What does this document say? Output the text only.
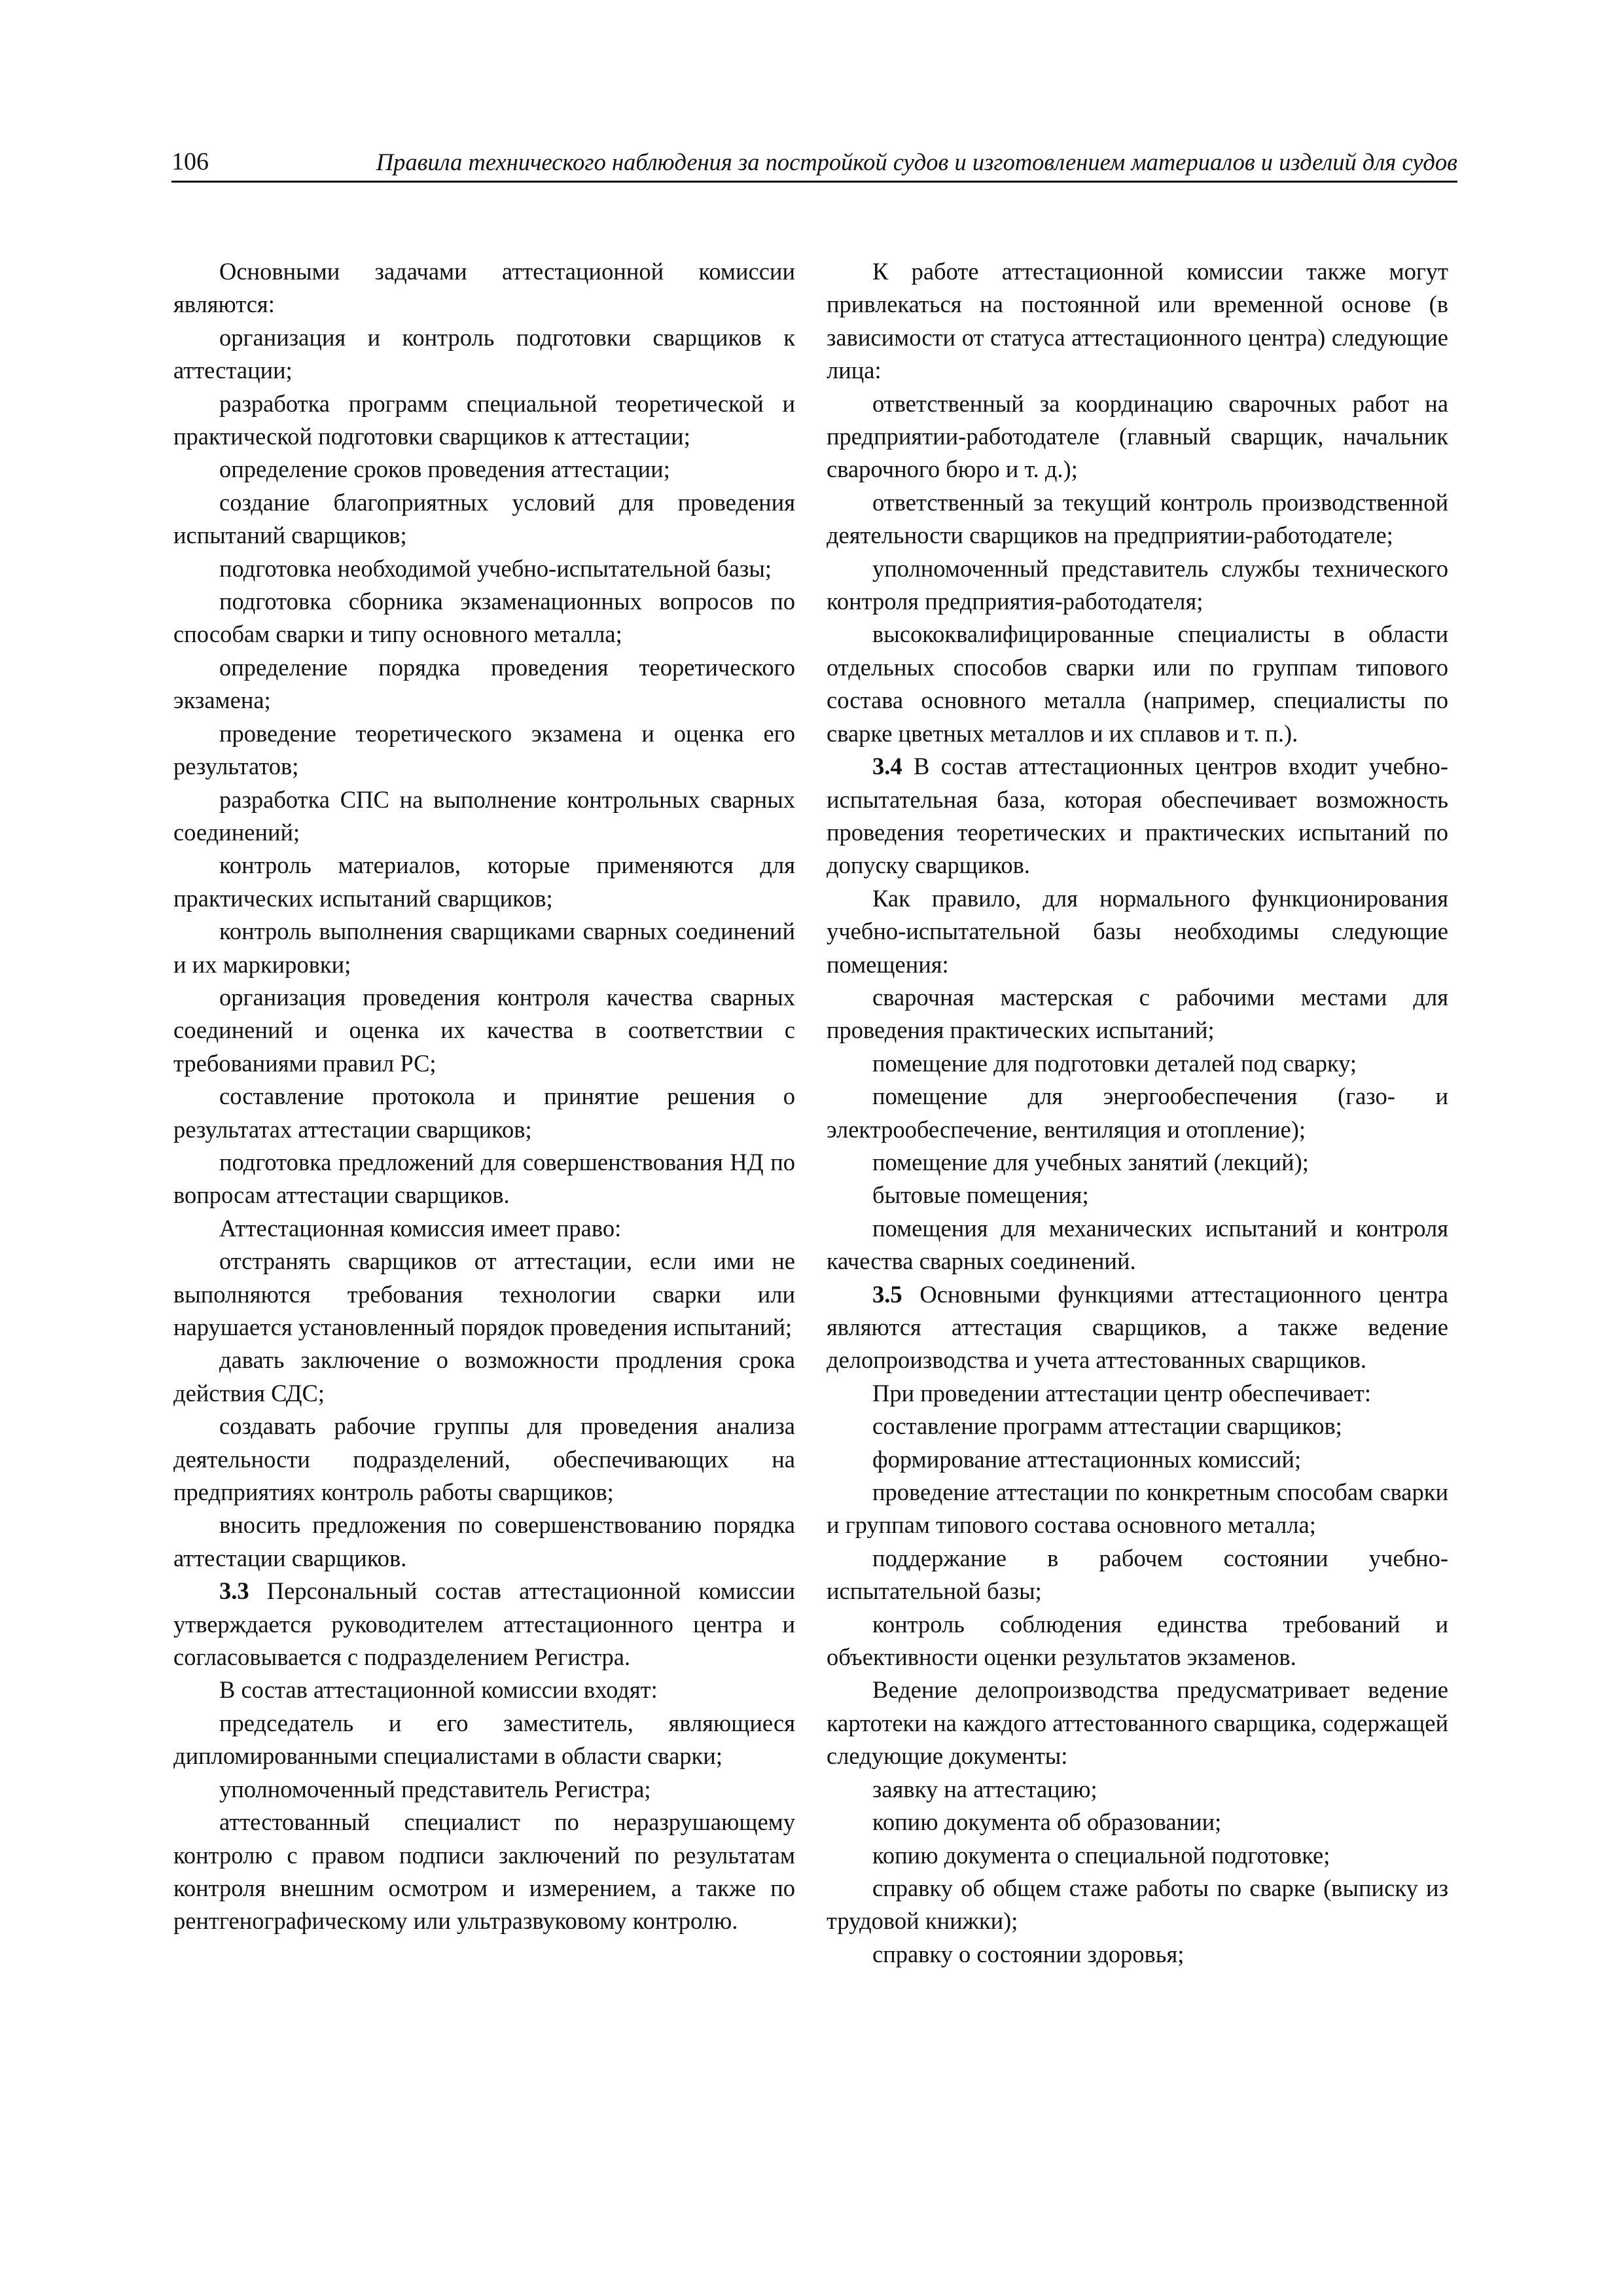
106	Правила технического наблюдения за постройкой судов и изготовлением материалов и изделий для судов

Основными задачами аттестационной комиссии являются:

организация и контроль подготовки сварщиков к аттестации;

разработка программ специальной теоретической и практической подготовки сварщиков к аттестации;

определение сроков проведения аттестации;

создание благоприятных условий для проведения испытаний сварщиков;

подготовка необходимой учебно-испытательной базы;

подготовка сборника экзаменационных вопросов по способам сварки и типу основного металла;

определение порядка проведения теоретического экзамена;

проведение теоретического экзамена и оценка его результатов;

разработка СПС на выполнение контрольных сварных соединений;

контроль материалов, которые применяются для практических испытаний сварщиков;

контроль выполнения сварщиками сварных соединений и их маркировки;

организация проведения контроля качества сварных соединений и оценка их качества в соответствии с требованиями правил РС;

составление протокола и принятие решения о результатах аттестации сварщиков;

подготовка предложений для совершенствования НД по вопросам аттестации сварщиков.

Аттестационная комиссия имеет право:

отстранять сварщиков от аттестации, если ими не выполняются требования технологии сварки или нарушается установленный порядок проведения испытаний;

давать заключение о возможности продления срока действия СДС;

создавать рабочие группы для проведения анализа деятельности подразделений, обеспечивающих на предприятиях контроль работы сварщиков;

вносить предложения по совершенствованию порядка аттестации сварщиков.

3.3 Персональный состав аттестационной комиссии утверждается руководителем аттестационного центра и согласовывается с подразделением Регистра.

В состав аттестационной комиссии входят:

председатель и его заместитель, являющиеся дипломированными специалистами в области сварки;

уполномоченный представитель Регистра;

аттестованный специалист по неразрушающему контролю с правом подписи заключений по результатам контроля внешним осмотром и измерением, а также по рентгенографическому или ультразвуковому контролю.

К работе аттестационной комиссии также могут привлекаться на постоянной или временной основе (в зависимости от статуса аттестационного центра) следующие лица:

ответственный за координацию сварочных работ на предприятии-работодателе (главный сварщик, начальник сварочного бюро и т. д.);

ответственный за текущий контроль производственной деятельности сварщиков на предприятии-работодателе;

уполномоченный представитель службы технического контроля предприятия-работодателя;

высококвалифицированные специалисты в области отдельных способов сварки или по группам типового состава основного металла (например, специалисты по сварке цветных металлов и их сплавов и т. п.).

3.4 В состав аттестационных центров входит учебно-испытательная база, которая обеспечивает возможность проведения теоретических и практических испытаний по допуску сварщиков.

Как правило, для нормального функционирования учебно-испытательной базы необходимы следующие помещения:

сварочная мастерская с рабочими местами для проведения практических испытаний;

помещение для подготовки деталей под сварку;

помещение для энергообеспечения (газо- и электрообеспечение, вентиляция и отопление);

помещение для учебных занятий (лекций);

бытовые помещения;

помещения для механических испытаний и контроля качества сварных соединений.

3.5 Основными функциями аттестационного центра являются аттестация сварщиков, а также ведение делопроизводства и учета аттестованных сварщиков.

При проведении аттестации центр обеспечивает:

составление программ аттестации сварщиков;

формирование аттестационных комиссий;

проведение аттестации по конкретным способам сварки и группам типового состава основного металла;

поддержание в рабочем состоянии учебно-испытательной базы;

контроль соблюдения единства требований и объективности оценки результатов экзаменов.

Ведение делопроизводства предусматривает ведение картотеки на каждого аттестованного сварщика, содержащей следующие документы:

заявку на аттестацию;

копию документа об образовании;

копию документа о специальной подготовке;

справку об общем стаже работы по сварке (выписку из трудовой книжки);

справку о состоянии здоровья;
